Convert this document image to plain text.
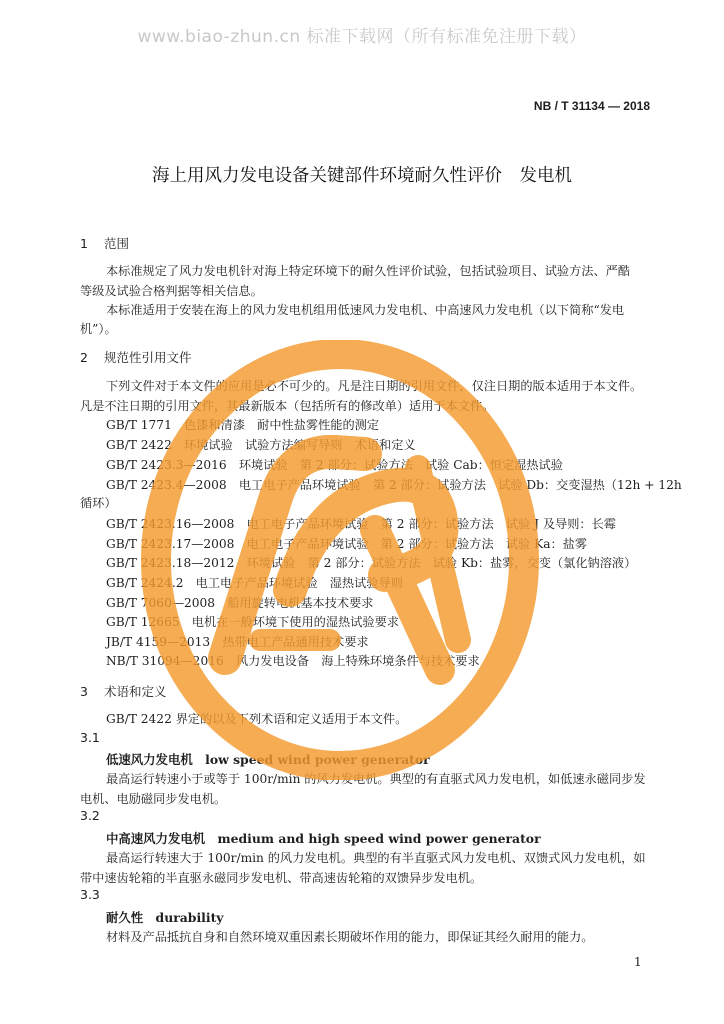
www.biao-zhun.cn 标准下载网（所有标准免注册下载）
NB / T 31134 — 2018
海上用风力发电设备关键部件环境耐久性评价　发电机
1 范围
本标准规定了风力发电机针对海上特定环境下的耐久性评价试验，包括试验项目、试验方法、严酷
等级及试验合格判据等相关信息。
本标准适用于安装在海上的风力发电机组用低速风力发电机、中高速风力发电机（以下简称“发电
机”）。
2 规范性引用文件
下列文件对于本文件的应用是必不可少的。凡是注日期的引用文件，仅注日期的版本适用于本文件。
凡是不注日期的引用文件，其最新版本（包括所有的修改单）适用于本文件。
GB/T 1771　色漆和清漆　耐中性盐雾性能的测定
GB/T 2422　环境试验　试验方法编写导则　术语和定义
GB/T 2423.3—2016　环境试验　第 2 部分：试验方法　试验 Cab：恒定湿热试验
GB/T 2423.4—2008　电工电子产品环境试验　第 2 部分：试验方法　试验 Db：交变湿热（12h + 12h
循环）
GB/T 2423.16—2008　电工电子产品环境试验　第 2 部分：试验方法　试验 J 及导则：长霉
GB/T 2423.17—2008　电工电子产品环境试验　第 2 部分：试验方法　试验 Ka：盐雾
GB/T 2423.18—2012　环境试验　第 2 部分：试验方法　试验 Kb：盐雾，交变（氯化钠溶液）
GB/T 2424.2　电工电子产品环境试验　湿热试验导则
GB/T 7060—2008　船用旋转电机基本技术要求
GB/T 12665　电机在一般环境下使用的湿热试验要求
JB/T 4159—2013　热带电工产品通用技术要求
NB/T 31094—2016　风力发电设备　海上特殊环境条件与技术要求
3 术语和定义
GB/T 2422 界定的以及下列术语和定义适用于本文件。
3.1
低速风力发电机　low speed wind power generator
最高运行转速小于或等于 100r/min 的风力发电机。典型的有直驱式风力发电机，如低速永磁同步发
电机、电励磁同步发电机。
3.2
中高速风力发电机　medium and high speed wind power generator
最高运行转速大于 100r/min 的风力发电机。典型的有半直驱式风力发电机、双馈式风力发电机，如
带中速齿轮箱的半直驱永磁同步发电机、带高速齿轮箱的双馈异步发电机。
3.3
耐久性　durability
材料及产品抵抗自身和自然环境双重因素长期破坏作用的能力，即保证其经久耐用的能力。
1
